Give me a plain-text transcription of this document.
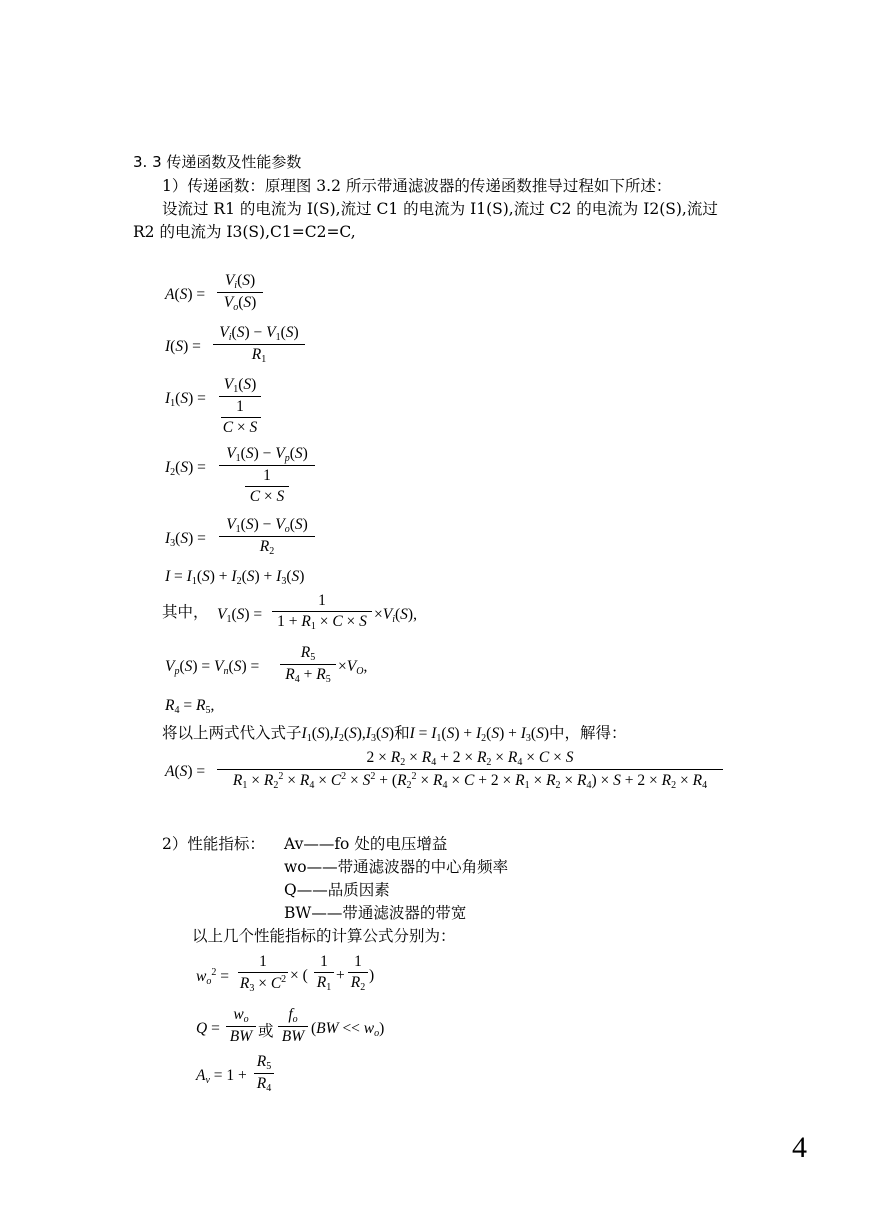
3. 3 传递函数及性能参数
1）传递函数：原理图 3.2 所示带通滤波器的传递函数推导过程如下所述：
设流过 R1 的电流为 I(S),流过 C1 的电流为 I1(S),流过 C2 的电流为 I2(S),流过
R2 的电流为 I3(S),C1=C2=C,
A(S) =
$V_i(S)$
$V_o(S)$
I(S) =
$V_i(S) - V_1(S)$
$R_1$
$I_1(S)$ =
$V_1(S)$
1
C × S
$I_2(S)$ =
$V_1(S) - V_p(S)$
1
C × S
$I_3(S)$ =
$V_1(S) - V_o(S)$
$R_2$
$I = I_1(S) + I_2(S) + I_3(S)$
其中， $V_1(S)$ =
1
$1 + R_1 \times C \times S \times V_i(S)$,
$V_p(S) = V_n(S)$ =
$R_5$
$R_4 + R_5$
$\times V_O$,
$R_4 = R_5$,
将以上两式代入式子$I_1(S),I_2(S),I_3(S)$和$I = I_1(S) + I_2(S) + I_3(S)$中，解得：
A(S) =
$2 \times R_2 \times R_4 + 2 \times R_2 \times R_4 \times C \times S$
$R_1 \times R_2^2 \times R_4 \times C^2 \times S^2 + (R_2^2 \times R_4 \times C + 2 \times R_1 \times R_2 \times R_4) \times S + 2 \times R_2 \times R_4$
2）性能指标： Av——fo 处的电压增益
wo——带通滤波器的中心角频率
Q——品质因素
BW——带通滤波器的带宽
以上几个性能指标的计算公式分别为：
$w_o^2$ =
1
$R_3 \times C^2$ × (
1
$R_1$
+
1
$R_2$
)
Q =
$w_o$
BW 或
$f_o$
BW $(BW << w_o)$
$A_v = 1$ +
$R_5$
$R_4$
4
